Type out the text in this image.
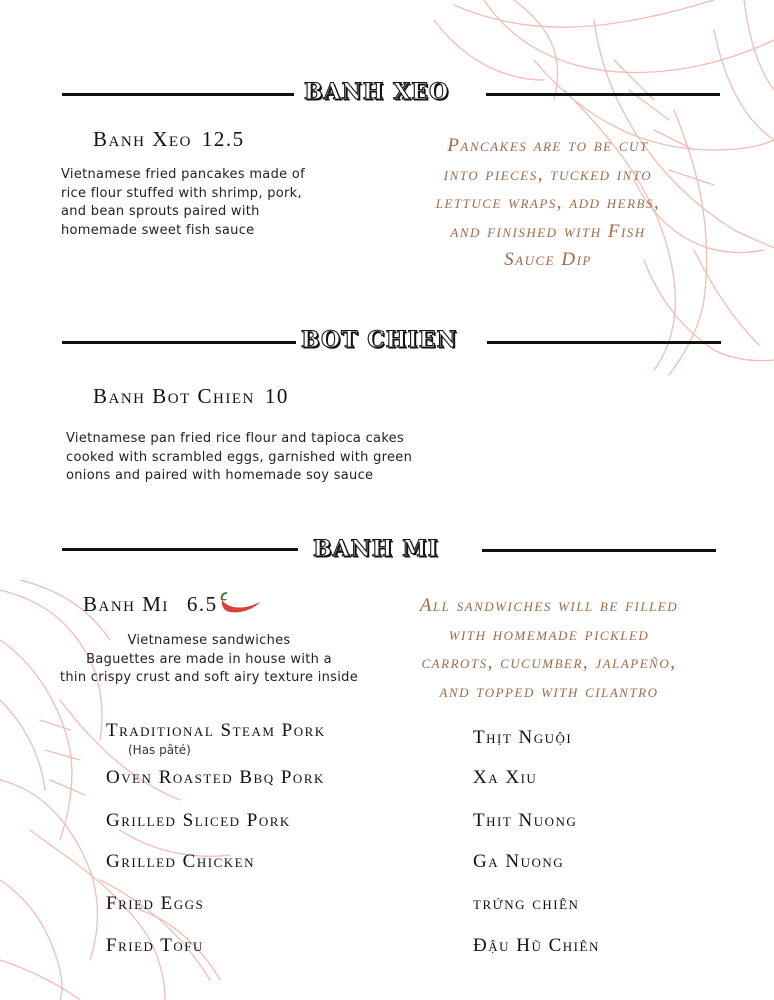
BANH XEO
Banh Xeo 12.5
Vietnamese fried pancakes made of
rice flour stuffed with shrimp, pork,
and bean sprouts paired with
homemade sweet fish sauce
Pancakes are to be cut
into pieces, tucked into
lettuce wraps, add herbs,
and finished with Fish
Sauce Dip
BOT CHIEN
Banh Bot Chien 10
Vietnamese pan fried rice flour and tapioca cakes
cooked with scrambled eggs, garnished with green
onions and paired with homemade soy sauce
BANH MI
Banh Mi 6.5
Vietnamese sandwiches
Baguettes are made in house with a
thin crispy crust and soft airy texture inside
All sandwiches will be filled
with homemade pickled
carrots, cucumber, jalapeño,
and topped with cilantro
Traditional Steam Pork
(Has pâté)
Oven Roasted Bbq Pork
Grilled Sliced Pork
Grilled Chicken
Fried Eggs
Fried Tofu
Thịt Nguội
Xa Xiu
Thit Nuong
Ga Nuong
trứng chiên
Đậu Hũ Chiên
